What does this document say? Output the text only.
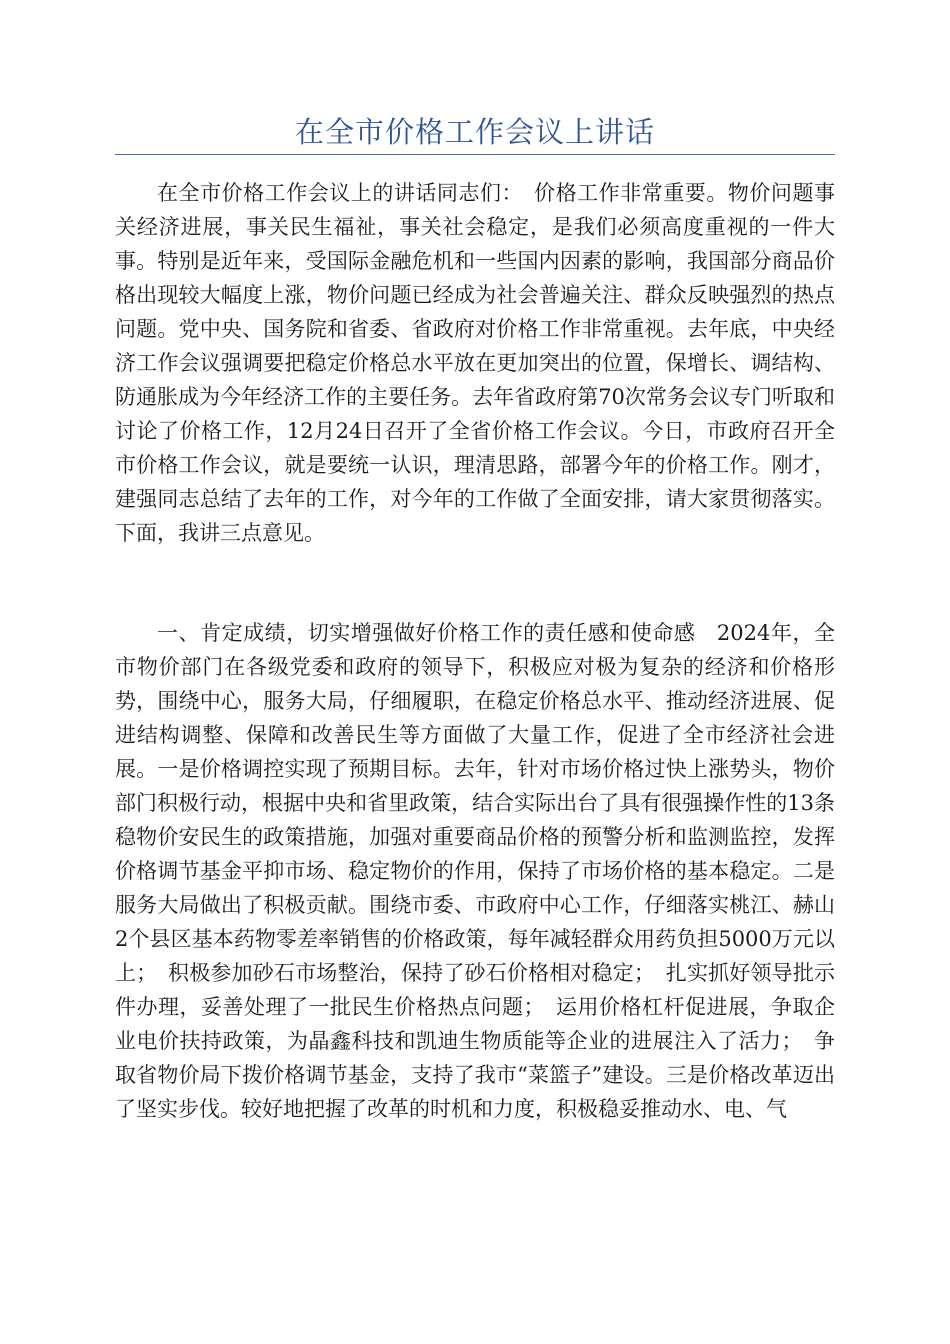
在全市价格工作会议上讲话

在全市价格工作会议上的讲话同志们：　价格工作非常重要。物价问题事关经济进展，事关民生福祉，事关社会稳定，是我们必须高度重视的一件大事。特别是近年来，受国际金融危机和一些国内因素的影响，我国部分商品价格出现较大幅度上涨，物价问题已经成为社会普遍关注、群众反映强烈的热点问题。党中央、国务院和省委、省政府对价格工作非常重视。去年底，中央经济工作会议强调要把稳定价格总水平放在更加突出的位置，保增长、调结构、防通胀成为今年经济工作的主要任务。去年省政府第70次常务会议专门听取和讨论了价格工作，12月24日召开了全省价格工作会议。今日，市政府召开全市价格工作会议，就是要统一认识，理清思路，部署今年的价格工作。刚才，建强同志总结了去年的工作，对今年的工作做了全面安排，请大家贯彻落实。下面，我讲三点意见。

一、肯定成绩，切实增强做好价格工作的责任感和使命感　2024年，全市物价部门在各级党委和政府的领导下，积极应对极为复杂的经济和价格形势，围绕中心，服务大局，仔细履职，在稳定价格总水平、推动经济进展、促进结构调整、保障和改善民生等方面做了大量工作，促进了全市经济社会进展。一是价格调控实现了预期目标。去年，针对市场价格过快上涨势头，物价部门积极行动，根据中央和省里政策，结合实际出台了具有很强操作性的13条稳物价安民生的政策措施，加强对重要商品价格的预警分析和监测监控，发挥价格调节基金平抑市场、稳定物价的作用，保持了市场价格的基本稳定。二是服务大局做出了积极贡献。围绕市委、市政府中心工作，仔细落实桃江、赫山2个县区基本药物零差率销售的价格政策，每年减轻群众用药负担5000万元以上；　积极参加砂石市场整治，保持了砂石价格相对稳定；　扎实抓好领导批示件办理，妥善处理了一批民生价格热点问题；　运用价格杠杆促进展，争取企业电价扶持政策，为晶鑫科技和凯迪生物质能等企业的进展注入了活力；　争取省物价局下拨价格调节基金，支持了我市“菜篮子”建设。三是价格改革迈出了坚实步伐。较好地把握了改革的时机和力度，积极稳妥推动水、电、气
